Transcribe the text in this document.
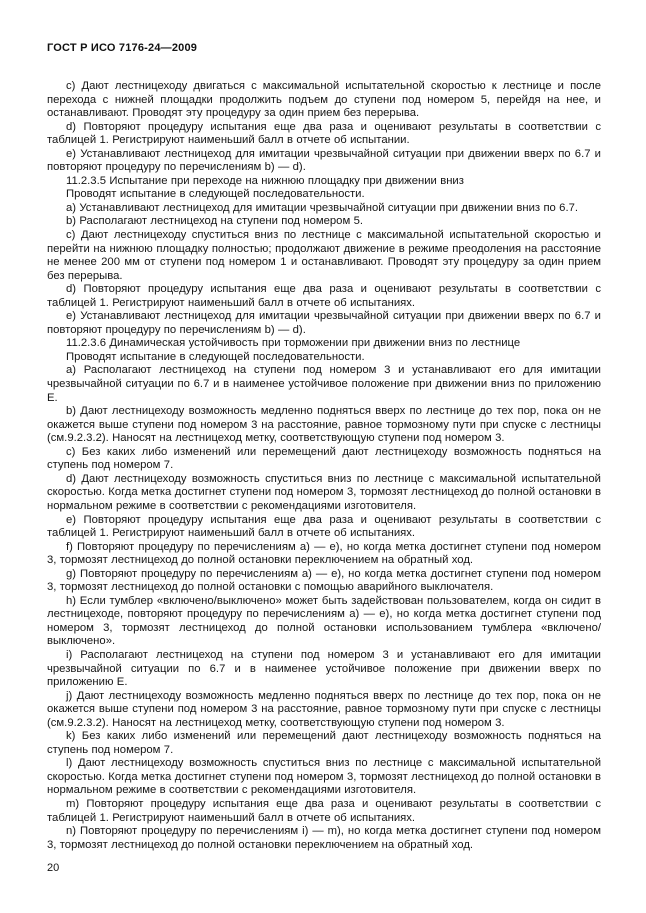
ГОСТ Р ИСО 7176-24—2009

с) Дают лестницеходу двигаться с максимальной испытательной скоростью к лестнице и после перехода с нижней площадки продолжить подъем до ступени под номером 5, перейдя на нее, и останавливают. Проводят эту процедуру за один прием без перерыва.

d) Повторяют процедуру испытания еще два раза и оценивают результаты в соответствии с таблицей 1. Регистрируют наименьший балл в отчете об испытании.

е) Устанавливают лестницеход для имитации чрезвычайной ситуации при движении вверх по 6.7 и повторяют процедуру по перечислениям b) — d).

11.2.3.5 Испытание при переходе на нижнюю площадку при движении вниз

Проводят испытание в следующей последовательности.

а) Устанавливают лестницеход для имитации чрезвычайной ситуации при движении вниз по 6.7.

b) Располагают лестницеход на ступени под номером 5.

с) Дают лестницеходу спуститься вниз по лестнице с максимальной испытательной скоростью и перейти на нижнюю площадку полностью; продолжают движение в режиме преодоления на расстояние не менее 200 мм от ступени под номером 1 и останавливают. Проводят эту процедуру за один прием без перерыва.

d) Повторяют процедуру испытания еще два раза и оценивают результаты в соответствии с таблицей 1. Регистрируют наименьший балл в отчете об испытаниях.

е) Устанавливают лестницеход для имитации чрезвычайной ситуации при движении вверх по 6.7 и повторяют процедуру по перечислениям b) — d).

11.2.3.6 Динамическая устойчивость при торможении при движении вниз по лестнице

Проводят испытание в следующей последовательности.

а) Располагают лестницеход на ступени под номером 3 и устанавливают его для имитации чрезвычайной ситуации по 6.7 и в наименее устойчивое положение при движении вниз по приложению Е.

b) Дают лестницеходу возможность медленно подняться вверх по лестнице до тех пор, пока он не окажется выше ступени под номером 3 на расстояние, равное тормозному пути при спуске с лестницы (см.9.2.3.2). Наносят на лестницеход метку, соответствующую ступени под номером 3.

с) Без каких либо изменений или перемещений дают лестницеходу возможность подняться на ступень под номером 7.

d) Дают лестницеходу возможность спуститься вниз по лестнице с максимальной испытательной скоростью. Когда метка достигнет ступени под номером 3, тормозят лестницеход до полной остановки в нормальном режиме в соответствии с рекомендациями изготовителя.

е) Повторяют процедуру испытания еще два раза и оценивают результаты в соответствии с таблицей 1. Регистрируют наименьший балл в отчете об испытаниях.

f) Повторяют процедуру по перечислениям а) — е), но когда метка достигнет ступени под номером 3, тормозят лестницеход до полной остановки переключением на обратный ход.

g) Повторяют процедуру по перечислениям а) — е), но когда метка достигнет ступени под номером 3, тормозят лестницеход до полной остановки с помощью аварийного выключателя.

h) Если тумблер «включено/выключено» может быть задействован пользователем, когда он сидит в лестницеходе, повторяют процедуру по перечислениям а) — е), но когда метка достигнет ступени под номером 3, тормозят лестницеход до полной остановки использованием тумблера «включено/выключено».

i) Располагают лестницеход на ступени под номером 3 и устанавливают его для имитации чрезвычайной ситуации по 6.7 и в наименее устойчивое положение при движении вверх по приложению Е.

j) Дают лестницеходу возможность медленно подняться вверх по лестнице до тех пор, пока он не окажется выше ступени под номером 3 на расстояние, равное тормозному пути при спуске с лестницы (см.9.2.3.2). Наносят на лестницеход метку, соответствующую ступени под номером 3.

k) Без каких либо изменений или перемещений дают лестницеходу возможность подняться на ступень под номером 7.

l) Дают лестницеходу возможность спуститься вниз по лестнице с максимальной испытательной скоростью. Когда метка достигнет ступени под номером 3, тормозят лестницеход до полной остановки в нормальном режиме в соответствии с рекомендациями изготовителя.

m) Повторяют процедуру испытания еще два раза и оценивают результаты в соответствии с таблицей 1. Регистрируют наименьший балл в отчете об испытаниях.

n) Повторяют процедуру по перечислениям i) — m), но когда метка достигнет ступени под номером 3, тормозят лестницеход до полной остановки переключением на обратный ход.

20
